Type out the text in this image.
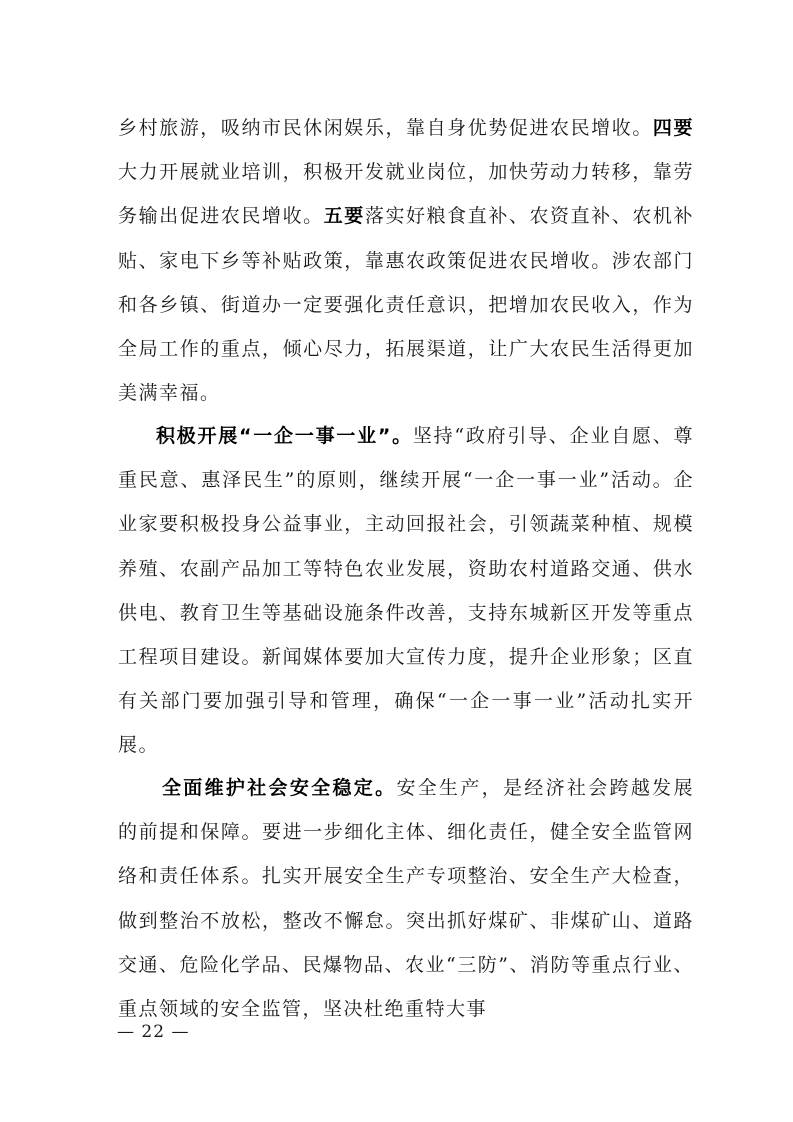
乡村旅游，吸纳市民休闲娱乐，靠自身优势促进农民增收。四要大力开展就业培训，积极开发就业岗位，加快劳动力转移，靠劳务输出促进农民增收。五要落实好粮食直补、农资直补、农机补贴、家电下乡等补贴政策，靠惠农政策促进农民增收。涉农部门和各乡镇、街道办一定要强化责任意识，把增加农民收入，作为全局工作的重点，倾心尽力，拓展渠道，让广大农民生活得更加美满幸福。

积极开展“一企一事一业”。坚持“政府引导、企业自愿、尊重民意、惠泽民生”的原则，继续开展“一企一事一业”活动。企业家要积极投身公益事业，主动回报社会，引领蔬菜种植、规模养殖、农副产品加工等特色农业发展，资助农村道路交通、供水供电、教育卫生等基础设施条件改善，支持东城新区开发等重点工程项目建设。新闻媒体要加大宣传力度，提升企业形象；区直有关部门要加强引导和管理，确保“一企一事一业”活动扎实开展。

全面维护社会安全稳定。安全生产，是经济社会跨越发展的前提和保障。要进一步细化主体、细化责任，健全安全监管网络和责任体系。扎实开展安全生产专项整治、安全生产大检查，做到整治不放松，整改不懈怠。突出抓好煤矿、非煤矿山、道路交通、危险化学品、民爆物品、农业“三防”、消防等重点行业、重点领域的安全监管，坚决杜绝重特大事

— 22 —
